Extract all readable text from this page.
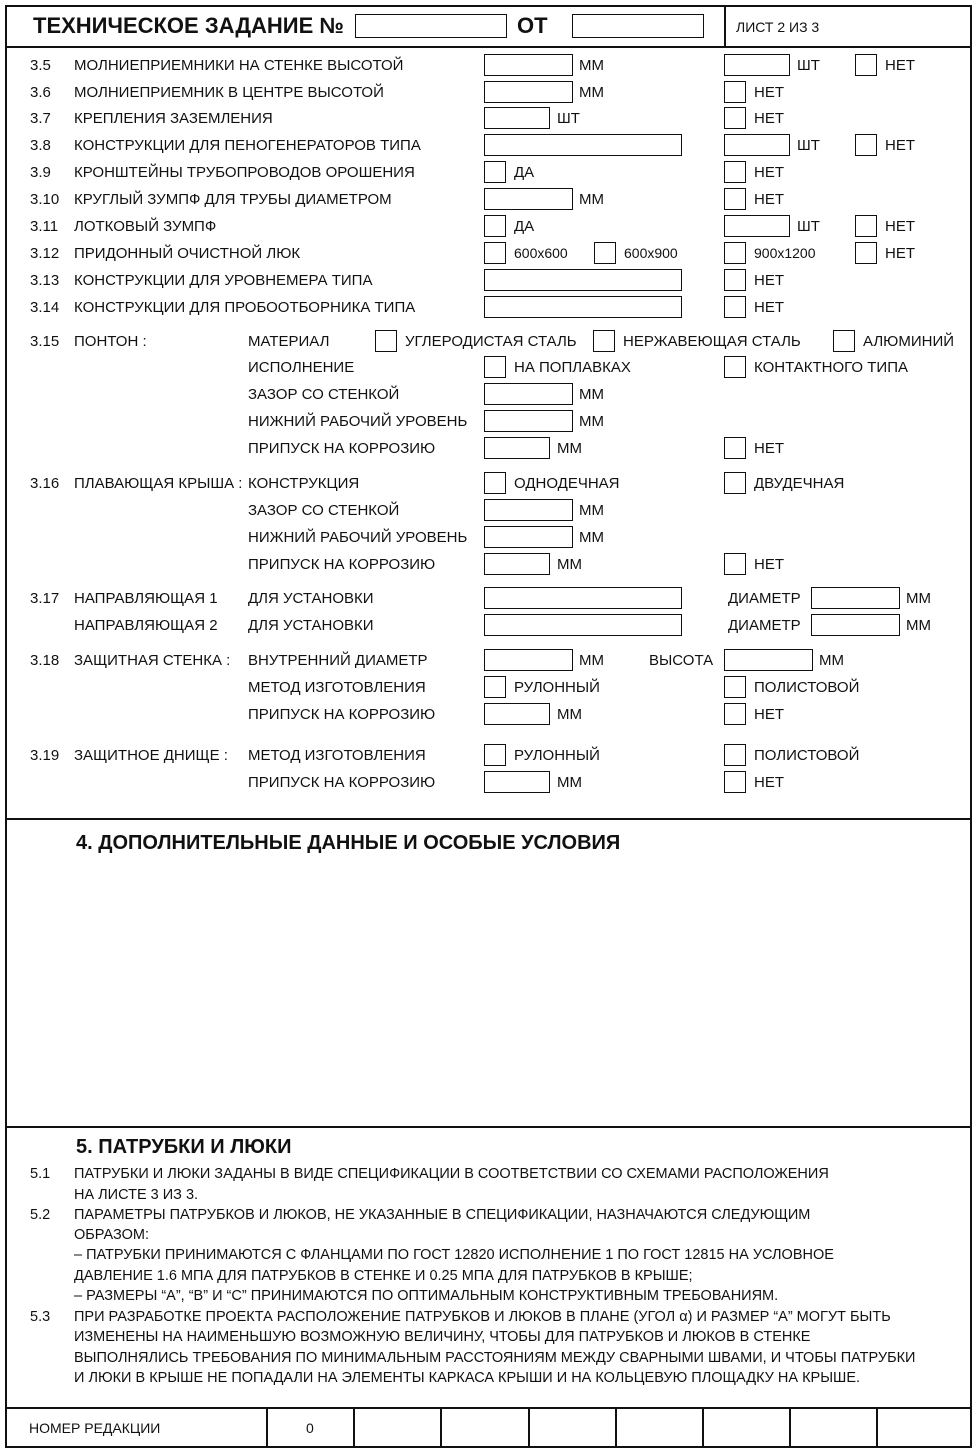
ТЕХНИЧЕСКОЕ ЗАДАНИЕ №	ОТ	ЛИСТ 2 ИЗ 3
3.5 МОЛНИЕПРИЕМНИКИ НА СТЕНКЕ ВЫСОТОЙ	ММ	ШТ	НЕТ
3.6 МОЛНИЕПРИЕМНИК В ЦЕНТРЕ ВЫСОТОЙ	ММ	НЕТ
3.7 КРЕПЛЕНИЯ ЗАЗЕМЛЕНИЯ	ШТ	НЕТ
3.8 КОНСТРУКЦИИ ДЛЯ ПЕНОГЕНЕРАТОРОВ ТИПА	ШТ	НЕТ
3.9 КРОНШТЕЙНЫ ТРУБОПРОВОДОВ ОРОШЕНИЯ	ДА	НЕТ
3.10 КРУГЛЫЙ ЗУМПФ ДЛЯ ТРУБЫ ДИАМЕТРОМ	ММ	НЕТ
3.11 ЛОТКОВЫЙ ЗУМПФ	ДА	ШТ	НЕТ
3.12 ПРИДОННЫЙ ОЧИСТНОЙ ЛЮК	600x600	600x900	900x1200	НЕТ
3.13 КОНСТРУКЦИИ ДЛЯ УРОВНЕМЕРА ТИПА	НЕТ
3.14 КОНСТРУКЦИИ ДЛЯ ПРОБООТБОРНИКА ТИПА	НЕТ
3.15 ПОНТОН :	МАТЕРИАЛ	УГЛЕРОДИСТАЯ СТАЛЬ	НЕРЖАВЕЮЩАЯ СТАЛЬ	АЛЮМИНИЙ
ИСПОЛНЕНИЕ	НА ПОПЛАВКАХ	КОНТАКТНОГО ТИПА
ЗАЗОР СО СТЕНКОЙ	ММ
НИЖНИЙ РАБОЧИЙ УРОВЕНЬ	ММ
ПРИПУСК НА КОРРОЗИЮ	ММ	НЕТ
3.16 ПЛАВАЮЩАЯ КРЫША : КОНСТРУКЦИЯ	ОДНОДЕЧНАЯ	ДВУДЕЧНАЯ
ЗАЗОР СО СТЕНКОЙ	ММ
НИЖНИЙ РАБОЧИЙ УРОВЕНЬ	ММ
ПРИПУСК НА КОРРОЗИЮ	ММ	НЕТ
3.17 НАПРАВЛЯЮЩАЯ 1 ДЛЯ УСТАНОВКИ	ДИАМЕТР	ММ
НАПРАВЛЯЮЩАЯ 2 ДЛЯ УСТАНОВКИ	ДИАМЕТР	ММ
3.18 ЗАЩИТНАЯ СТЕНКА : ВНУТРЕННИЙ ДИАМЕТР	ММ	ВЫСОТА	ММ
МЕТОД ИЗГОТОВЛЕНИЯ	РУЛОННЫЙ	ПОЛИСТОВОЙ
ПРИПУСК НА КОРРОЗИЮ	ММ	НЕТ
3.19 ЗАЩИТНОЕ ДНИЩЕ : МЕТОД ИЗГОТОВЛЕНИЯ	РУЛОННЫЙ	ПОЛИСТОВОЙ
ПРИПУСК НА КОРРОЗИЮ	ММ	НЕТ
4. ДОПОЛНИТЕЛЬНЫЕ ДАННЫЕ И ОСОБЫЕ УСЛОВИЯ
5. ПАТРУБКИ И ЛЮКИ
5.1 ПАТРУБКИ И ЛЮКИ ЗАДАНЫ В ВИДЕ СПЕЦИФИКАЦИИ В СООТВЕТСТВИИ СО СХЕМАМИ РАСПОЛОЖЕНИЯ
НА ЛИСТЕ 3 ИЗ 3.
5.2 ПАРАМЕТРЫ ПАТРУБКОВ И ЛЮКОВ, НЕ УКАЗАННЫЕ В СПЕЦИФИКАЦИИ, НАЗНАЧАЮТСЯ СЛЕДУЮЩИМ
ОБРАЗОМ:
– ПАТРУБКИ ПРИНИМАЮТСЯ С ФЛАНЦАМИ ПО ГОСТ 12820 ИСПОЛНЕНИЕ 1 ПО ГОСТ 12815 НА УСЛОВНОЕ
ДАВЛЕНИЕ 1.6 МПА ДЛЯ ПАТРУБКОВ В СТЕНКЕ И 0.25 МПА ДЛЯ ПАТРУБКОВ В КРЫШЕ;
– РАЗМЕРЫ “А”, “В” И “С” ПРИНИМАЮТСЯ ПО ОПТИМАЛЬНЫМ КОНСТРУКТИВНЫМ ТРЕБОВАНИЯМ.
5.3 ПРИ РАЗРАБОТКЕ ПРОЕКТА РАСПОЛОЖЕНИЕ ПАТРУБКОВ И ЛЮКОВ В ПЛАНЕ (УГОЛ α) И РАЗМЕР “А” МОГУТ БЫТЬ
ИЗМЕНЕНЫ НА НАИМЕНЬШУЮ ВОЗМОЖНУЮ ВЕЛИЧИНУ, ЧТОБЫ ДЛЯ ПАТРУБКОВ И ЛЮКОВ В СТЕНКЕ
ВЫПОЛНЯЛИСЬ ТРЕБОВАНИЯ ПО МИНИМАЛЬНЫМ РАССТОЯНИЯМ МЕЖДУ СВАРНЫМИ ШВАМИ, И ЧТОБЫ ПАТРУБКИ
И ЛЮКИ В КРЫШЕ НЕ ПОПАДАЛИ НА ЭЛЕМЕНТЫ КАРКАСА КРЫШИ И НА КОЛЬЦЕВУЮ ПЛОЩАДКУ НА КРЫШЕ.
НОМЕР РЕДАКЦИИ	0
